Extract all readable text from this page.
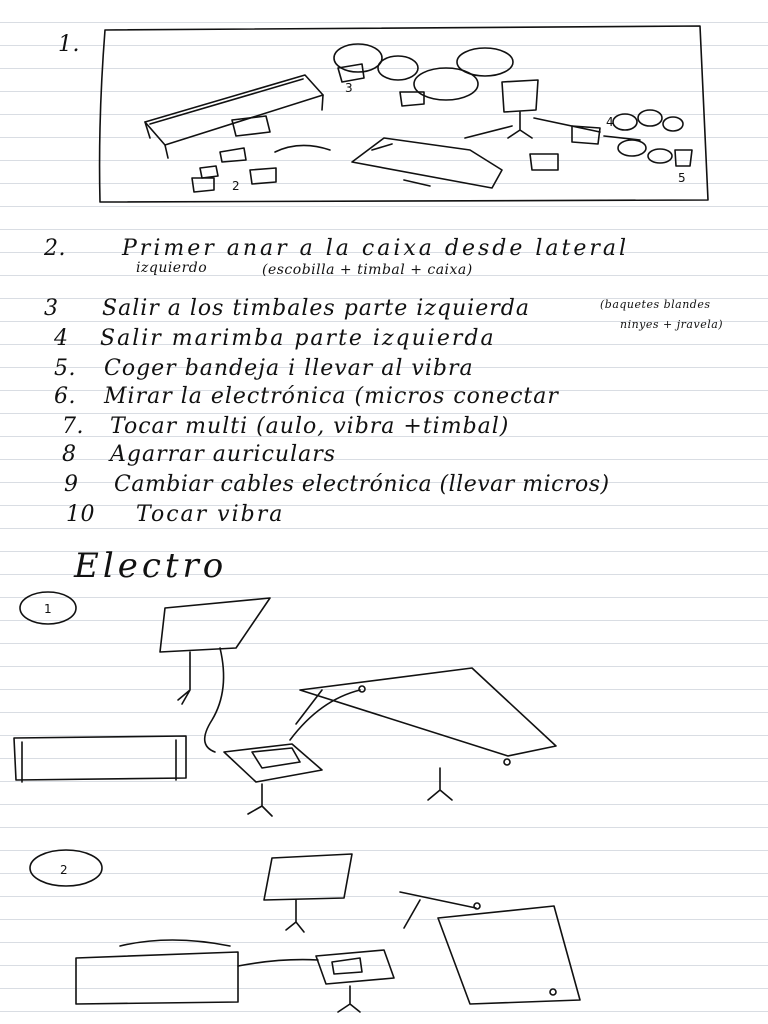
1.
2
3
4
5
2.	Primer anar a la caixa desde lateral
izquierdo	(escobilla + timbal + caixa)
3 Salir a los timbales parte izquierda	(baquetes blandes
ninyes + jravela)
4 Salir marimba parte izquierda
5. Coger bandeja i llevar al vibra
6. Mirar la electrónica (micros conectar
7. Tocar multi (aulo, vibra +timbal)
8 Agarrar auriculars
9 Cambiar cables electrónica (llevar micros)
10 Tocar vibra
Electro
1
2
